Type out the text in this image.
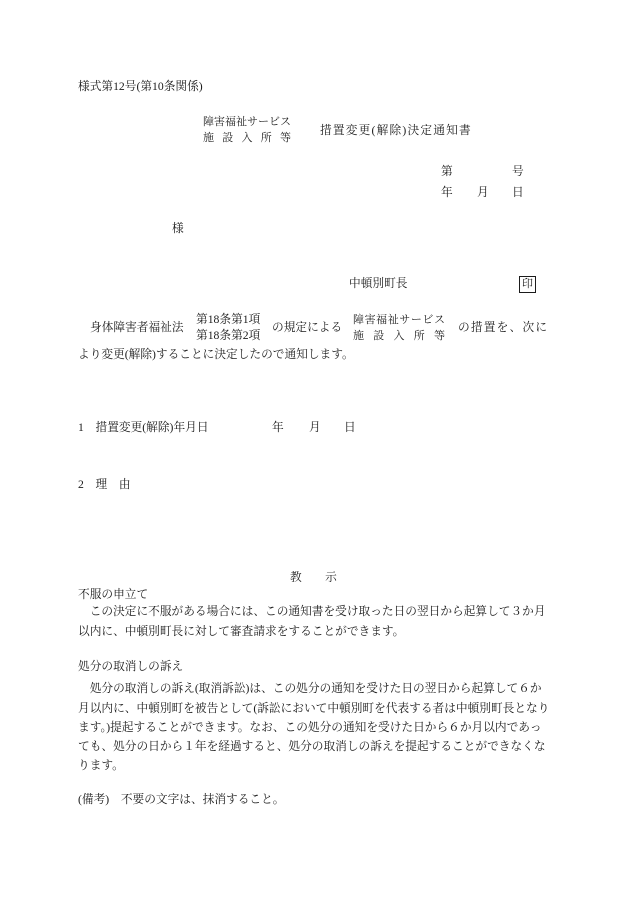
様式第12号(第10条関係)
障 害 福 祉 サ ー ビ ス
施 設 入 所 等
措置変更(解除)決定通知書
第	号
年 月 日
様
中頓別町長	印
身体障害者福祉法
第18条第1項
第18条第2項
の規定による
障 害 福 祉 サ ー ビ ス
施 設 入 所 等
の措置を、次に
より変更(解除)することに決定したので通知します。
1　措置変更(解除)年月日	年 月 日
2　理　由
教　　示
不服の申立て
　この決定に不服がある場合には、この通知書を受け取った日の翌日から起算して３か月
以内に、中頓別町長に対して審査請求をすることができます。
処分の取消しの訴え
　処分の取消しの訴え(取消訴訟)は、この処分の通知を受けた日の翌日から起算して６か
月以内に、中頓別町を被告として(訴訟において中頓別町を代表する者は中頓別町長となり
ます。)提起することができます。なお、この処分の通知を受けた日から６か月以内であっ
ても、処分の日から１年を経過すると、処分の取消しの訴えを提起することができなくな
ります。
(備考)　不要の文字は、抹消すること。
